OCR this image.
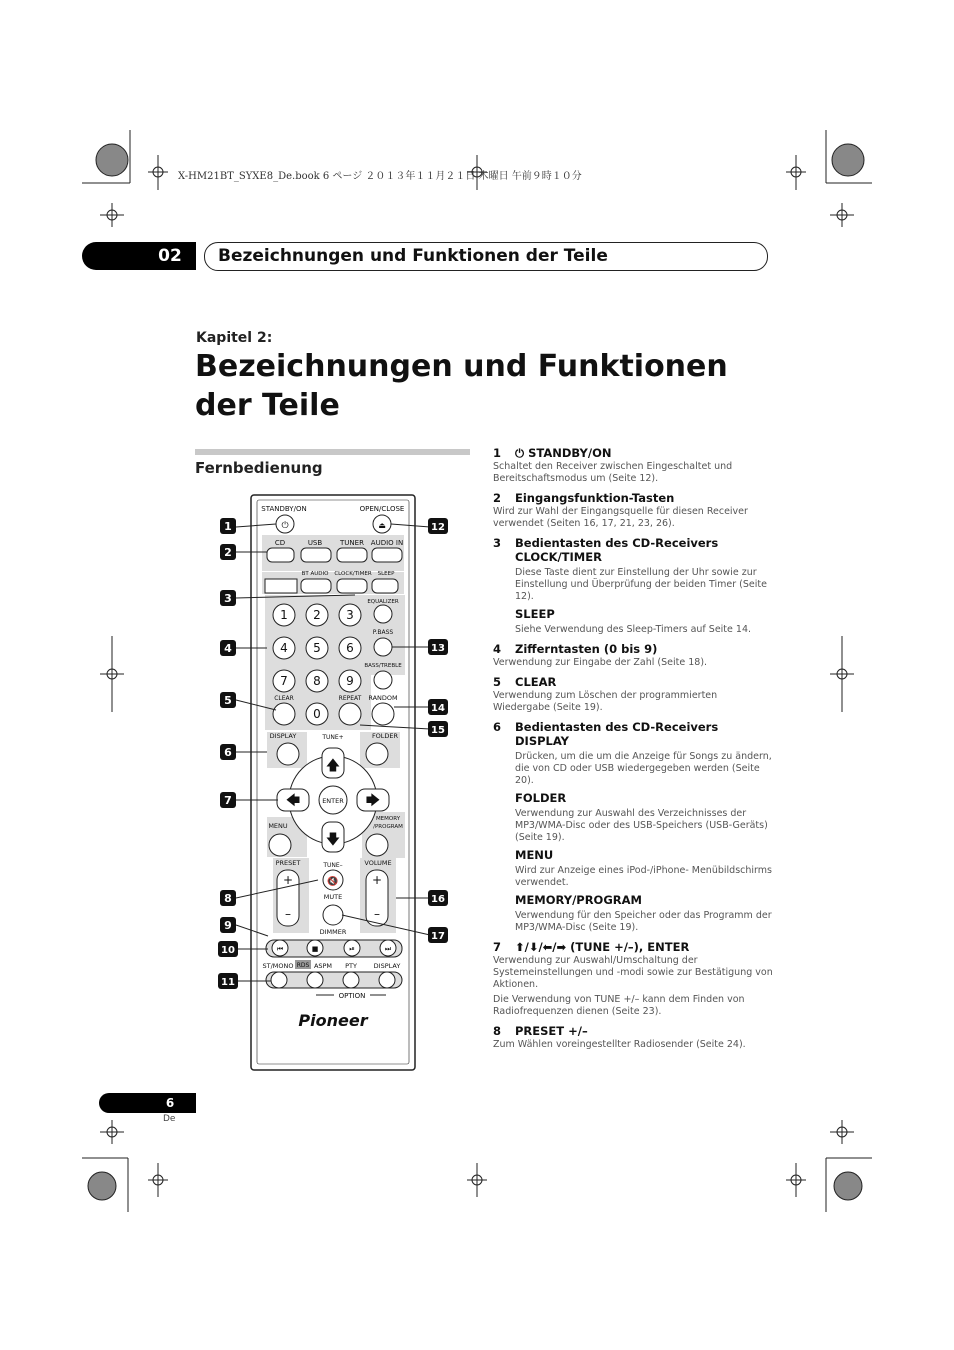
X-HM21BT_SYXE8_De.book 6 ページ ２０１３年１１月２１日 木曜日 午前９時１０分
02	Bezeichnungen und Funktionen der Teile
Kapitel 2:
Bezeichnungen und Funktionen der Teile
Fernbedienung
STANDBY/ON	OPEN/CLOSE
⏻	⏏
CD	USB	TUNER AUDIO IN
BT AUDIO CLOCK/TIMER SLEEP
EQUALIZER
P.BASS
BASS/TREBLE
1 2 3
4 5 6
7 8 9
CLEAR	REPEAT RANDOM
0
DISPLAY	TUNE+	FOLDER
🡅
🡇
🡄	🡆
ENTER
MENU
MEMORY
/PROGRAM
PRESET	TUNE–	VOLUME
+
–
+
–
🔇
MUTE
DIMMER
⏮	■	⏯	⏭
ST/MONO RDS ASPM PTY	DISPLAY
OPTION
Pioneer
1
2
3
4
5
6
7
8
9
10
11
12
13
14
15
16
17
1	⏻ STANDBY/ON
Schaltet den Receiver zwischen Eingeschaltet und Bereitschaftsmodus um (Seite 12).
2	Eingangsfunktion-Tasten
Wird zur Wahl der Eingangsquelle für diesen Receiver verwendet (Seiten 16, 17, 21, 23, 26).
3	Bedientasten des CD-Receivers
CLOCK/TIMER
Diese Taste dient zur Einstellung der Uhr sowie zur Einstellung und Überprüfung der beiden Timer (Seite 12).
SLEEP
Siehe Verwendung des Sleep-Timers auf Seite 14.
4	Zifferntasten (0 bis 9)
Verwendung zur Eingabe der Zahl (Seite 18).
5	CLEAR
Verwendung zum Löschen der programmierten Wiedergabe (Seite 19).
6	Bedientasten des CD-Receivers
DISPLAY
Drücken, um die um die Anzeige für Songs zu ändern, die von CD oder USB wiedergegeben werden (Seite 20).
FOLDER
Verwendung zur Auswahl des Verzeichnisses der MP3/WMA-Disc oder des USB-Speichers (USB-Geräts) (Seite 19).
MENU
Wird zur Anzeige eines iPod-/iPhone- Menübildschirms verwendet.
MEMORY/PROGRAM
Verwendung für den Speicher oder das Programm der MP3/WMA-Disc (Seite 19).
7	⬆/⬇/⬅/➡ (TUNE +/–), ENTER
Verwendung zur Auswahl/Umschaltung der Systemeinstellungen und -modi sowie zur Bestätigung von Aktionen.
Die Verwendung von TUNE +/– kann dem Finden von Radiofrequenzen dienen (Seite 23).
8	PRESET +/–
Zum Wählen voreingestellter Radiosender (Seite 24).
6
De
